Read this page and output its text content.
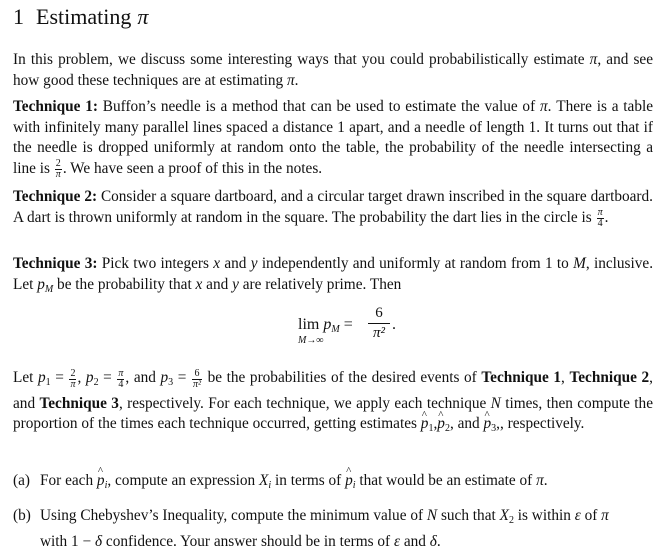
1 Estimating π
In this problem, we discuss some interesting ways that you could probabilistically estimate π, and see how good these techniques are at estimating π.
Technique 1: Buffon’s needle is a method that can be used to estimate the value of π. There is a table with infinitely many parallel lines spaced a distance 1 apart, and a needle of length 1. It turns out that if the needle is dropped uniformly at random onto the table, the probability of the needle intersecting a line is $\frac{2}{\pi}$ . We have seen a proof of this in the notes.
Technique 2: Consider a square dartboard, and a circular target drawn inscribed in the square dartboard. A dart is thrown uniformly at random in the square. The probability the dart lies in the circle is $\frac{\pi}{4}$ .
Technique 3: Pick two integers x and y independently and uniformly at random from 1 to M, inclusive. Let $p_M$ be the probability that x and y are relatively prime. Then
$\lim p_M$ =
M→∞
6
π² .
Let $p_1 = \frac{2}{\pi}$ , $p_2 = \frac{\pi}{4}$ , and $p_3 = \frac{6}{\text{π²}}$ be the probabilities of the desired events of Technique 1, Technique 2, and Technique 3, respectively. For each technique, we apply each technique N times, then compute the proportion of the times each technique occurred, getting estimates p $\^{}_1,p$ $\^{}_2$, and p $\^{}_3$,, respectively.
(a) For each p $\^{}_i$, compute an expression $X_i$ in terms of p $\^{}_i$ that would be an estimate of π.
(b) Using Chebyshev’s Inequality, compute the minimum value of N such that $X_2$ is within ε of π
with 1 − δ confidence. Your answer should be in terms of ε and δ.
